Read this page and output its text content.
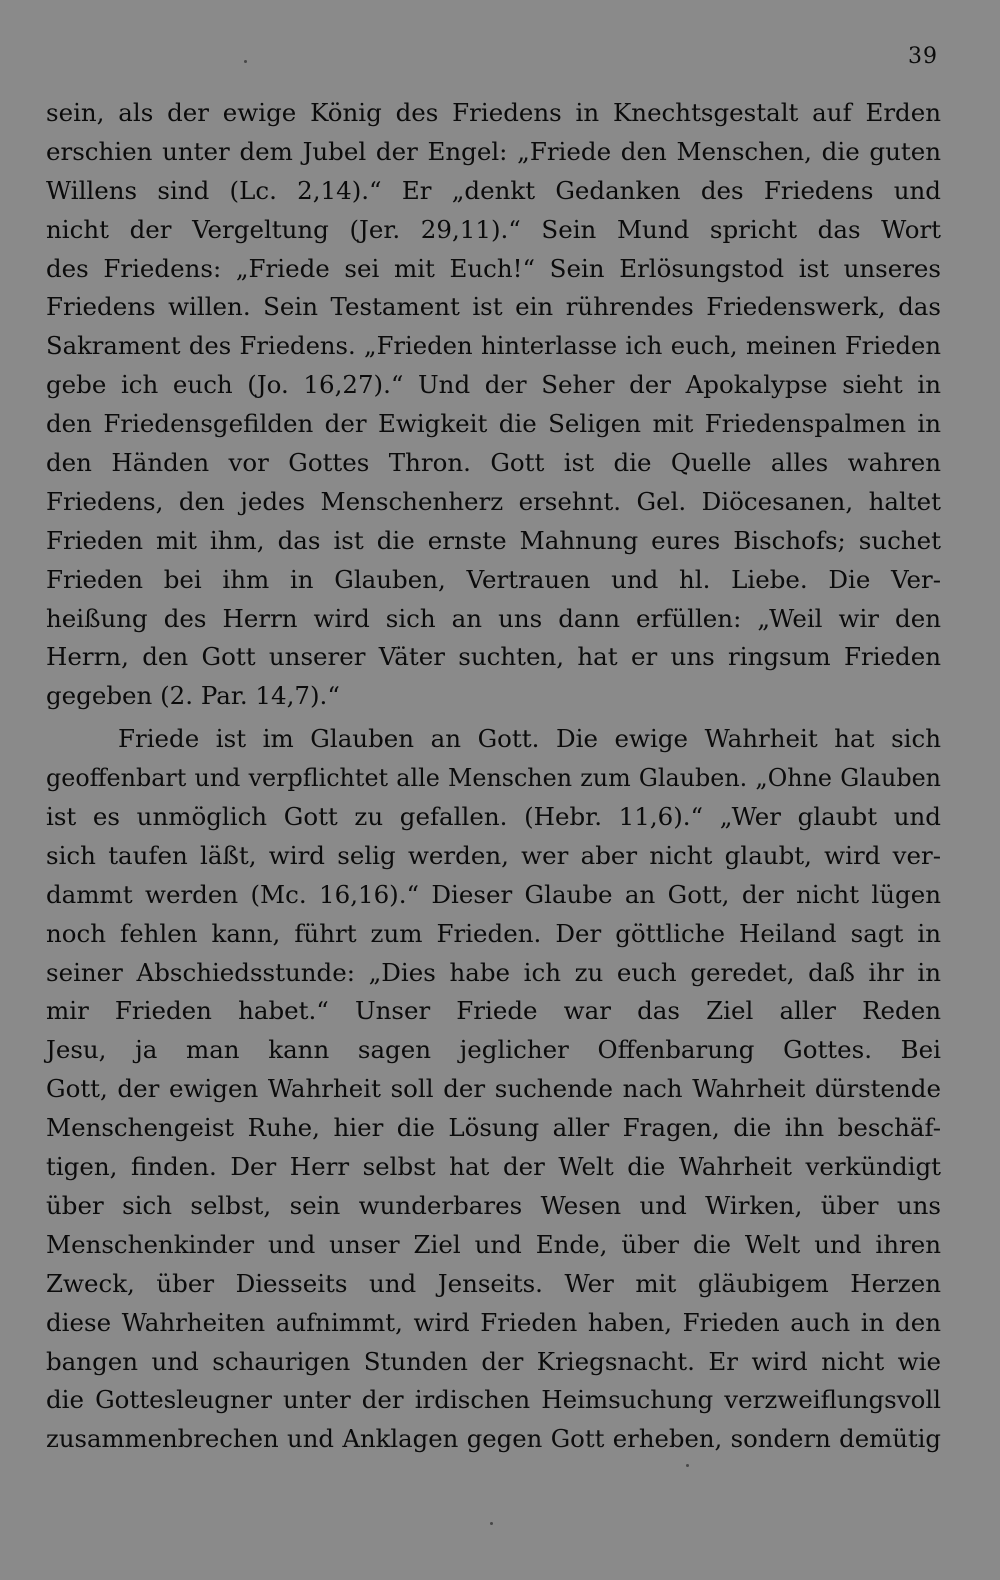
39
sein, als der ewige König des Friedens in Knechtsgestalt auf Erden
erschien unter dem Jubel der Engel: „Friede den Menschen, die guten
Willens sind (Lc. 2,14).“ Er „denkt Gedanken des Friedens und
nicht der Vergeltung (Jer. 29,11).“ Sein Mund spricht das Wort
des Friedens: „Friede sei mit Euch!“ Sein Erlösungstod ist unseres
Friedens willen. Sein Testament ist ein rührendes Friedenswerk, das
Sakrament des Friedens. „Frieden hinterlasse ich euch, meinen Frieden
gebe ich euch (Jo. 16,27).“ Und der Seher der Apokalypse sieht in
den Friedensgefilden der Ewigkeit die Seligen mit Friedenspalmen in
den Händen vor Gottes Thron. Gott ist die Quelle alles wahren
Friedens, den jedes Menschenherz ersehnt. Gel. Diöcesanen, haltet
Frieden mit ihm, das ist die ernste Mahnung eures Bischofs; suchet
Frieden bei ihm in Glauben, Vertrauen und hl. Liebe. Die Ver-
heißung des Herrn wird sich an uns dann erfüllen: „Weil wir den
Herrn, den Gott unserer Väter suchten, hat er uns ringsum Frieden
gegeben (2. Par. 14,7).“
Friede ist im Glauben an Gott. Die ewige Wahrheit hat sich
geoffenbart und verpflichtet alle Menschen zum Glauben. „Ohne Glauben
ist es unmöglich Gott zu gefallen. (Hebr. 11,6).“ „Wer glaubt und
sich taufen läßt, wird selig werden, wer aber nicht glaubt, wird ver-
dammt werden (Mc. 16,16).“ Dieser Glaube an Gott, der nicht lügen
noch fehlen kann, führt zum Frieden. Der göttliche Heiland sagt in
seiner Abschiedsstunde: „Dies habe ich zu euch geredet, daß ihr in
mir Frieden habet.“ Unser Friede war das Ziel aller Reden
Jesu, ja man kann sagen jeglicher Offenbarung Gottes. Bei
Gott, der ewigen Wahrheit soll der suchende nach Wahrheit dürstende
Menschengeist Ruhe, hier die Lösung aller Fragen, die ihn beschäf-
tigen, finden. Der Herr selbst hat der Welt die Wahrheit verkündigt
über sich selbst, sein wunderbares Wesen und Wirken, über uns
Menschenkinder und unser Ziel und Ende, über die Welt und ihren
Zweck, über Diesseits und Jenseits. Wer mit gläubigem Herzen
diese Wahrheiten aufnimmt, wird Frieden haben, Frieden auch in den
bangen und schaurigen Stunden der Kriegsnacht. Er wird nicht wie
die Gottesleugner unter der irdischen Heimsuchung verzweiflungsvoll
zusammenbrechen und Anklagen gegen Gott erheben, sondern demütig
